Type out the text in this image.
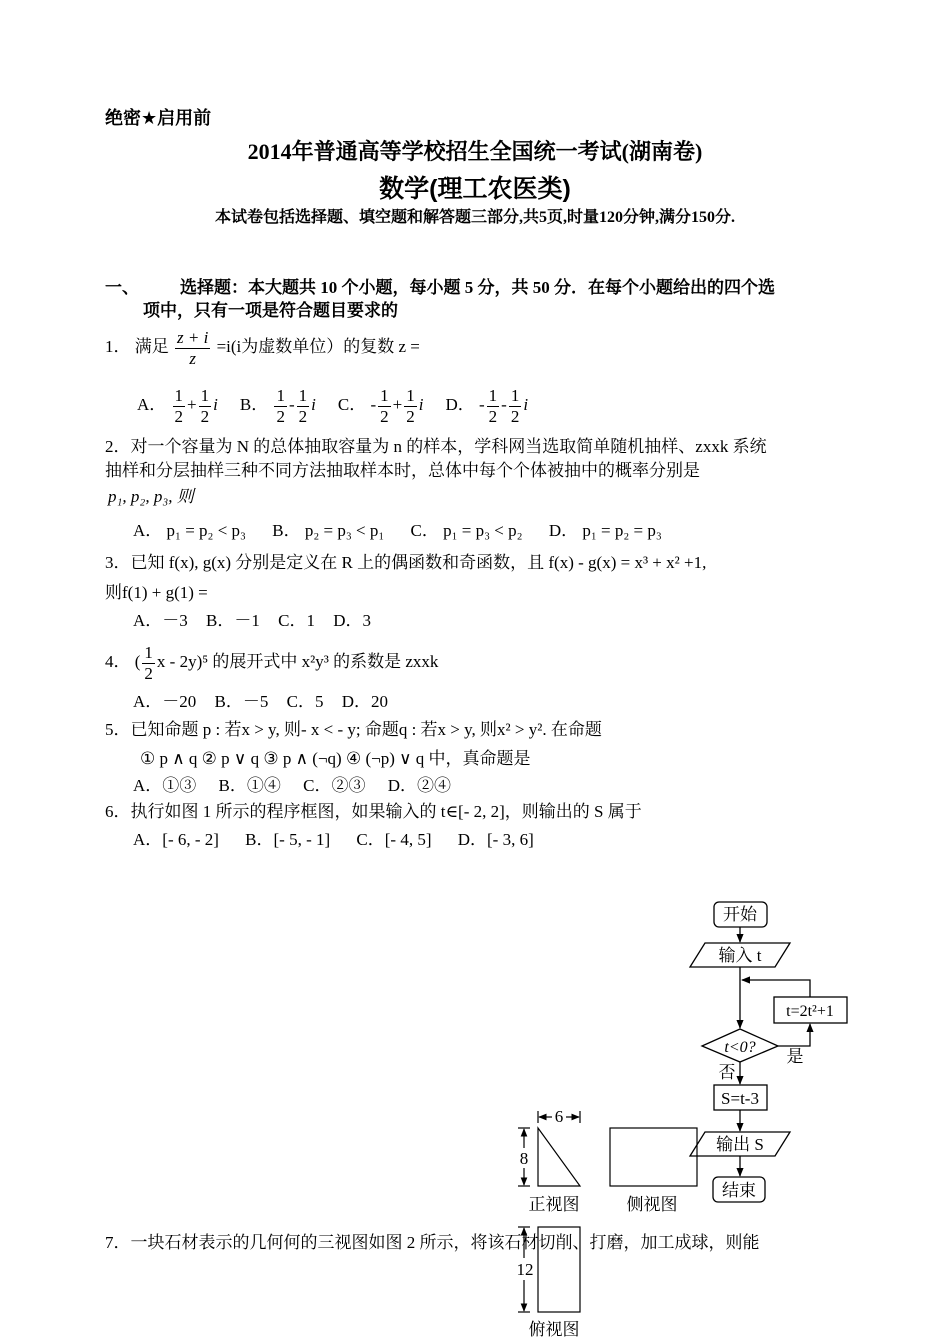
绝密★启用前
2014年普通高等学校招生全国统一考试(湖南卷)
数学(理工农医类)
本试卷包括选择题、填空题和解答题三部分,共5页,时量120分钟,满分150分.
一、 选择题：本大题共 10 个小题，每小题 5 分，共 50 分．在每个小题给出的四个选
项中，只有一项是符合题目要求的
1． 满足 $\frac{z + i}{z} =i(i$为虚数单位）的复数 z =
A． $\frac{1}{2} + \frac{1}{2}$ i B． $\frac{1}{2} - \frac{1}{2}$ i C． - $\frac{1}{2} + \frac{1}{2}$ i D． - $\frac{1}{2} - \frac{1}{2}$ i
2．对一个容量为 N 的总体抽取容量为 n 的样本，学科网当选取简单随机抽样、zxxk 系统
抽样和分层抽样三种不同方法抽取样本时，总体中每个个体被抽中的概率分别是
p₁, p₂, p₃, 则
A． p₁ = p₂ < p₃ B． p₂ = p₃ < p₁ C． p₁ = p₃ < p₂ D． p₁ = p₂ = p₃
3．已知 f(x), g(x) 分别是定义在 R 上的偶函数和奇函数，且 f(x) - g(x) = x³ + x² +1,
则f(1) + g(1) =
A．－3 B．－1 C．1 D．3
4． ( $\frac{1}{2}$ x - 2y)⁵ 的展开式中 x²y³ 的系数是 zxxk
A．－20 B．－5 C．5 D．20
5．已知命题 p : 若x > y, 则- x < - y; 命题q : 若x > y, 则x² > y². 在命题
① p ∧ q ② p ∨ q ③ p ∧ (¬q) ④ (¬p) ∨ q 中，真命题是
A．①③ B．①④ C．②③ D．②④
6．执行如图 1 所示的程序框图，如果输入的 t∈[- 2, 2]，则输出的 S 属于
A．[- 6, - 2] B．[- 5, - 1] C．[- 4, 5] D．[- 3, 6]
7．一块石材表示的几何何的三视图如图 2 所示，将该石材切削、打磨，加工成球，则能
开始
输入 t
t=2t²+1
t<0? 是
否
S=t-3
输出 S
结束
6
8
12
正视图	侧视图
俯视图
